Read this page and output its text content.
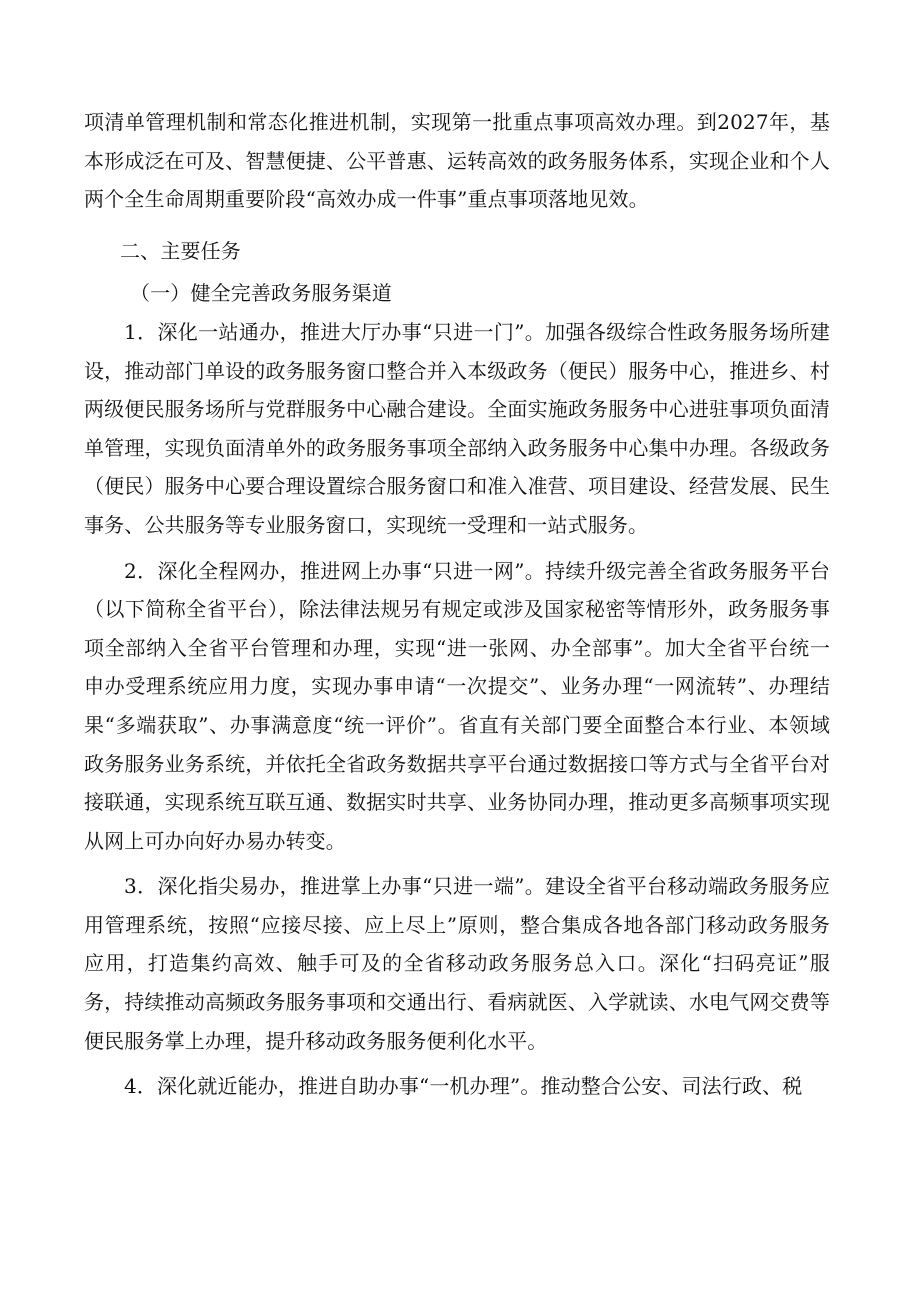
项清单管理机制和常态化推进机制，实现第一批重点事项高效办理。到2027年，基本形成泛在可及、智慧便捷、公平普惠、运转高效的政务服务体系，实现企业和个人两个全生命周期重要阶段“高效办成一件事”重点事项落地见效。

二、主要任务

（一）健全完善政务服务渠道

1．深化一站通办，推进大厅办事“只进一门”。加强各级综合性政务服务场所建设，推动部门单设的政务服务窗口整合并入本级政务（便民）服务中心，推进乡、村两级便民服务场所与党群服务中心融合建设。全面实施政务服务中心进驻事项负面清单管理，实现负面清单外的政务服务事项全部纳入政务服务中心集中办理。各级政务（便民）服务中心要合理设置综合服务窗口和准入准营、项目建设、经营发展、民生事务、公共服务等专业服务窗口，实现统一受理和一站式服务。

2．深化全程网办，推进网上办事“只进一网”。持续升级完善全省政务服务平台（以下简称全省平台），除法律法规另有规定或涉及国家秘密等情形外，政务服务事项全部纳入全省平台管理和办理，实现“进一张网、办全部事”。加大全省平台统一申办受理系统应用力度，实现办事申请“一次提交”、业务办理“一网流转”、办理结果“多端获取”、办事满意度“统一评价”。省直有关部门要全面整合本行业、本领域政务服务业务系统，并依托全省政务数据共享平台通过数据接口等方式与全省平台对接联通，实现系统互联互通、数据实时共享、业务协同办理，推动更多高频事项实现从网上可办向好办易办转变。

3．深化指尖易办，推进掌上办事“只进一端”。建设全省平台移动端政务服务应用管理系统，按照“应接尽接、应上尽上”原则，整合集成各地各部门移动政务服务应用，打造集约高效、触手可及的全省移动政务服务总入口。深化“扫码亮证”服务，持续推动高频政务服务事项和交通出行、看病就医、入学就读、水电气网交费等便民服务掌上办理，提升移动政务服务便利化水平。

4．深化就近能办，推进自助办事“一机办理”。推动整合公安、司法行政、税
